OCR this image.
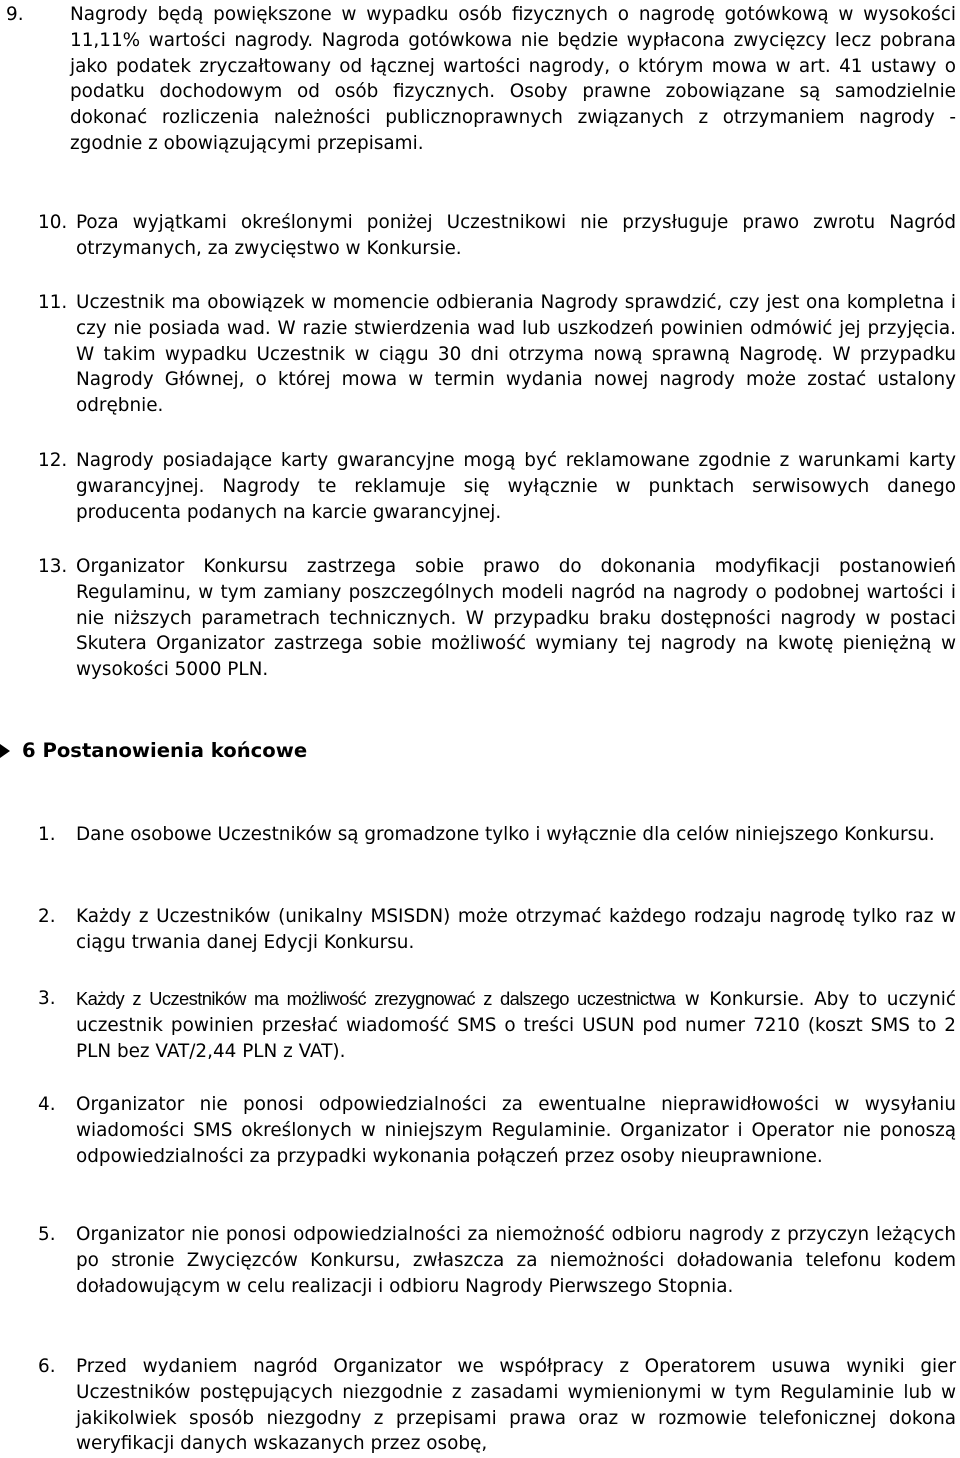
9.	Nagrody będą powiększone w wypadku osób fizycznych o nagrodę gotówkową w wysokości 11,11% wartości nagrody. Nagroda gotówkowa nie będzie wypłacona zwycięzcy lecz pobrana jako podatek zryczałtowany od łącznej wartości nagrody, o którym mowa w art. 41 ustawy o podatku dochodowym od osób fizycznych. Osoby prawne zobowiązane są samodzielnie dokonać rozliczenia należności publicznoprawnych związanych z otrzymaniem nagrody - zgodnie z obowiązującymi przepisami.
10. Poza wyjątkami określonymi poniżej Uczestnikowi nie przysługuje prawo zwrotu Nagród otrzymanych, za zwycięstwo w Konkursie.
11. Uczestnik ma obowiązek w momencie odbierania Nagrody sprawdzić, czy jest ona kompletna i czy nie posiada wad. W razie stwierdzenia wad lub uszkodzeń powinien odmówić jej przyjęcia. W takim wypadku Uczestnik w ciągu 30 dni otrzyma nową sprawną Nagrodę. W przypadku Nagrody Głównej, o której mowa w termin wydania nowej nagrody może zostać ustalony odrębnie.
12. Nagrody posiadające karty gwarancyjne mogą być reklamowane zgodnie z warunkami karty gwarancyjnej. Nagrody te reklamuje się wyłącznie w punktach serwisowych danego producenta podanych na karcie gwarancyjnej.
13. Organizator Konkursu zastrzega sobie prawo do dokonania modyfikacji postanowień Regulaminu, w tym zamiany poszczególnych modeli nagród na nagrody o podobnej wartości i nie niższych parametrach technicznych. W przypadku braku dostępności nagrody w postaci Skutera Organizator zastrzega sobie możliwość wymiany tej nagrody na kwotę pieniężną w wysokości 5000 PLN.
6 Postanowienia końcowe
1.	Dane osobowe Uczestników są gromadzone tylko i wyłącznie dla celów niniejszego Konkursu.
2.	Każdy z Uczestników (unikalny MSISDN) może otrzymać każdego rodzaju nagrodę tylko raz w ciągu trwania danej Edycji Konkursu.
3.	Każdy z Uczestników ma możliwość zrezygnować z dalszego uczestnictwa w Konkursie. Aby to uczynić uczestnik powinien przesłać wiadomość SMS o treści USUN pod numer 7210 (koszt SMS to 2 PLN bez VAT/2,44 PLN z VAT).
4.	Organizator nie ponosi odpowiedzialności za ewentualne nieprawidłowości w wysyłaniu wiadomości SMS określonych w niniejszym Regulaminie. Organizator i Operator nie ponoszą odpowiedzialności za przypadki wykonania połączeń przez osoby nieuprawnione.
5.	Organizator nie ponosi odpowiedzialności za niemożność odbioru nagrody z przyczyn leżących po stronie Zwycięzców Konkursu, zwłaszcza za niemożności doładowania telefonu kodem doładowującym w celu realizacji i odbioru Nagrody Pierwszego Stopnia.
6.	Przed wydaniem nagród Organizator we współpracy z Operatorem usuwa wyniki gier Uczestników postępujących niezgodnie z zasadami wymienionymi w tym Regulaminie lub w jakikolwiek sposób niezgodny z przepisami prawa oraz w rozmowie telefonicznej dokona weryfikacji danych wskazanych przez osobę,
